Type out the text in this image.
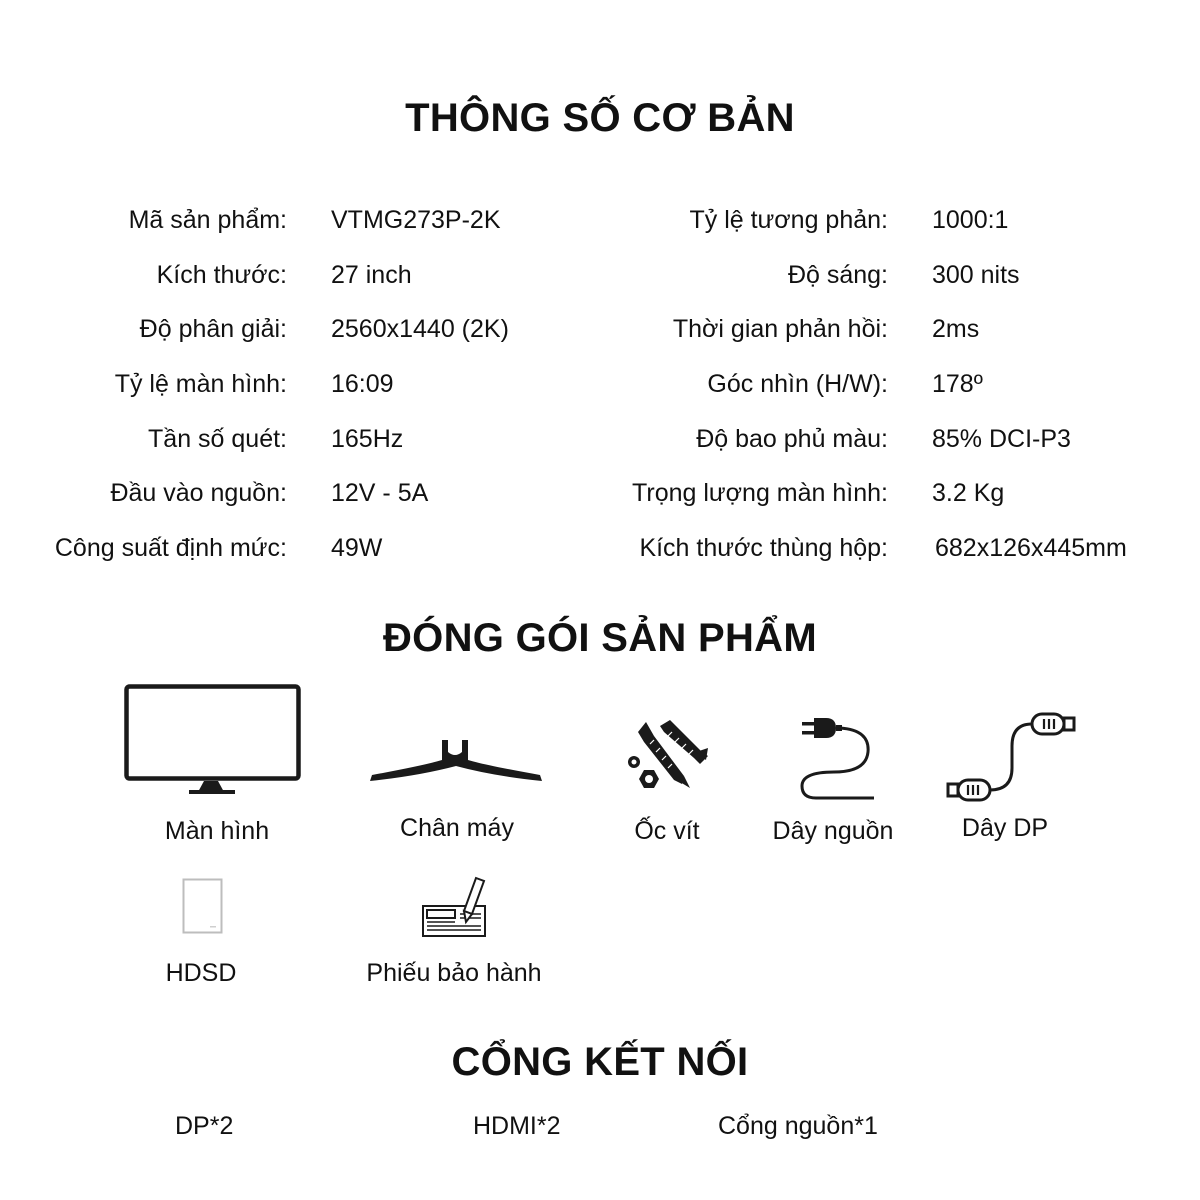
THÔNG SỐ CƠ BẢN
Mã sản phẩm: VTMG273P-2K
Kích thước: 27 inch
Độ phân giải: 2560x1440 (2K)
Tỷ lệ màn hình: 16:09
Tần số quét: 165Hz
Đầu vào nguồn: 12V - 5A
Công suất định mức: 49W
Tỷ lệ tương phản: 1000:1
Độ sáng: 300 nits
Thời gian phản hồi: 2ms
Góc nhìn (H/W): 178º
Độ bao phủ màu: 85% DCI-P3
Trọng lượng màn hình: 3.2 Kg
Kích thước thùng hộp: 682x126x445mm
ĐÓNG GÓI SẢN PHẨM
Màn hình	Chân máy	Ốc vít	Dây nguồn	Dây DP
HDSD	Phiếu bảo hành
CỔNG KẾT NỐI
DP*2	HDMI*2	Cổng nguồn*1
